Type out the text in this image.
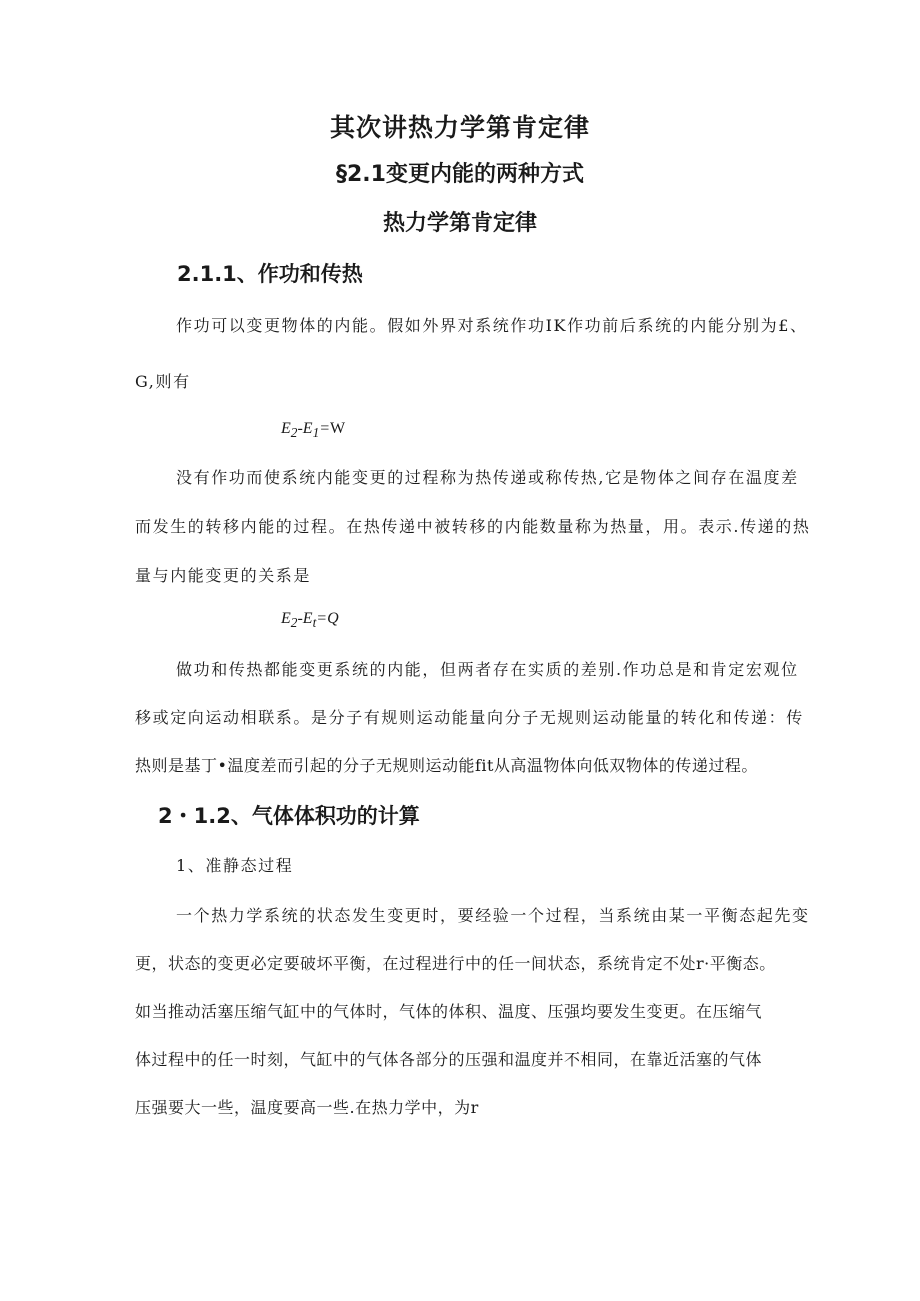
其次讲热力学第肯定律
§2.1变更内能的两种方式
热力学第肯定律
2.1.1、作功和传热

作功可以变更物体的内能。假如外界对系统作功IK作功前后系统的内能分别为£、

G,则有

$E_2-E_1=W$

没有作功而使系统内能变更的过程称为热传递或称传热,它是物体之间存在温度差

而发生的转移内能的过程。在热传递中被转移的内能数量称为热量，用。表示.传递的热

量与内能变更的关系是

$E_2-E_t=Q$

做功和传热都能变更系统的内能，但两者存在实质的差别.作功总是和肯定宏观位

移或定向运动相联系。是分子有规则运动能量向分子无规则运动能量的转化和传递：传

热则是基丁•温度差而引起的分子无规则运动能fit从高温物体向低双物体的传递过程。

2・1.2、气体体积功的计算

1、准静态过程

一个热力学系统的状态发生变更时，要经验一个过程，当系统由某一平衡态起先变

更，状态的变更必定要破坏平衡，在过程进行中的任一间状态，系统肯定不处r·平衡态。

如当推动活塞压缩气缸中的气体时，气体的体积、温度、压强均要发生变更。在压缩气

体过程中的任一时刻，气缸中的气体各部分的压强和温度并不相同，在靠近活塞的气体

压强要大一些，温度要高一些.在热力学中，为r
